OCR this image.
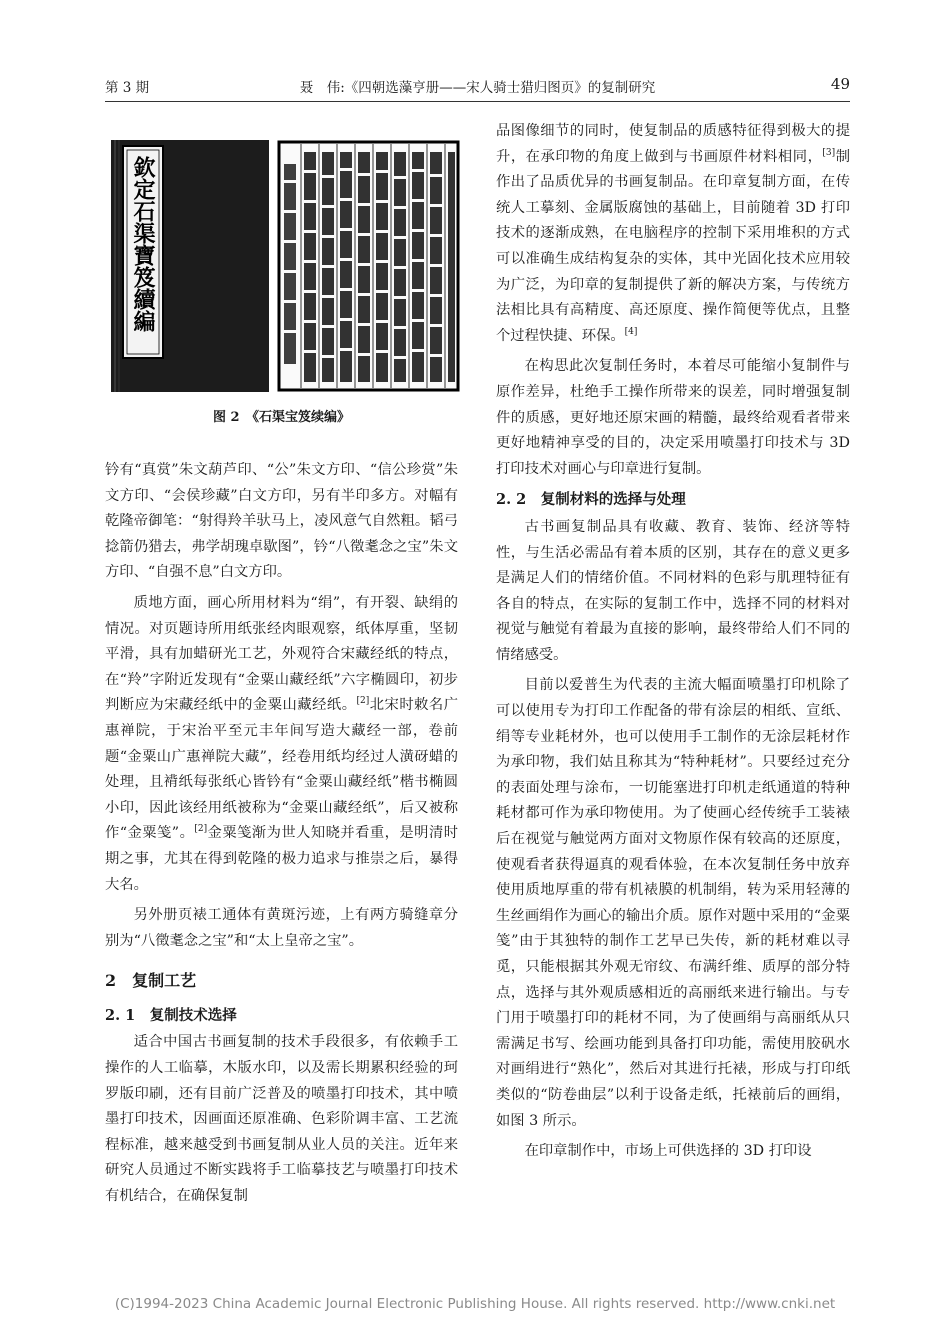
第 3 期	聂　伟:《四朝选藻亨册——宋人骑士猎归图页》的复制研究	49
欽定石渠寶笈續編
图 2　《石渠宝笈续编》

钤有“真赏”朱文葫芦印、“公”朱文方印、“信公珍赏”朱文方印、“会侯珍藏”白文方印，另有半印多方。对幅有乾隆帝御笔：“射得羚羊驮马上，凌风意气自然粗。韬弓捻箭仍猎去，弗学胡瑰卓歇图”，钤“八徵耄念之宝”朱文方印、“自强不息”白文方印。

质地方面，画心所用材料为“绢”，有开裂、缺绢的情况。对页题诗所用纸张经肉眼观察，纸体厚重，坚韧平滑，具有加蜡研光工艺，外观符合宋藏经纸的特点，在“羚”字附近发现有“金粟山藏经纸”六字椭圆印，初步判断应为宋藏经纸中的金粟山藏经纸。[2]北宋时敕名广惠禅院，于宋治平至元丰年间写造大藏经一部，卷前题“金粟山广惠禅院大藏”，经卷用纸均经过人潢砑蜡的处理，且褙纸每张纸心皆钤有“金粟山藏经纸”楷书椭圆小印，因此该经用纸被称为“金粟山藏经纸”，后又被称作“金粟笺”。[2]金粟笺渐为世人知晓并看重，是明清时期之事，尤其在得到乾隆的极力追求与推崇之后，暴得大名。

另外册页裱工通体有黄斑污迹，上有两方骑缝章分别为“八徵耄念之宝”和“太上皇帝之宝”。

2　复制工艺
2. 1　复制技术选择

适合中国古书画复制的技术手段很多，有依赖手工操作的人工临摹，木版水印，以及需长期累积经验的珂罗版印刷，还有目前广泛普及的喷墨打印技术，其中喷墨打印技术，因画面还原准确、色彩阶调丰富、工艺流程标准，越来越受到书画复制从业人员的关注。近年来研究人员通过不断实践将手工临摹技艺与喷墨打印技术有机结合，在确保复制

品图像细节的同时，使复制品的质感特征得到极大的提升，在承印物的角度上做到与书画原件材料相同，[3]制作出了品质优异的书画复制品。在印章复制方面，在传统人工摹刻、金属版腐蚀的基础上，目前随着 3D 打印技术的逐渐成熟，在电脑程序的控制下采用堆积的方式可以准确生成结构复杂的实体，其中光固化技术应用较为广泛，为印章的复制提供了新的解决方案，与传统方法相比具有高精度、高还原度、操作简便等优点，且整个过程快捷、环保。[4]

在构思此次复制任务时，本着尽可能缩小复制件与原作差异，杜绝手工操作所带来的误差，同时增强复制件的质感，更好地还原宋画的精髓，最终给观看者带来更好地精神享受的目的，决定采用喷墨打印技术与 3D 打印技术对画心与印章进行复制。

2. 2　复制材料的选择与处理

古书画复制品具有收藏、教育、装饰、经济等特性，与生活必需品有着本质的区别，其存在的意义更多是满足人们的情绪价值。不同材料的色彩与肌理特征有各自的特点，在实际的复制工作中，选择不同的材料对视觉与触觉有着最为直接的影响，最终带给人们不同的情绪感受。

目前以爱普生为代表的主流大幅面喷墨打印机除了可以使用专为打印工作配备的带有涂层的相纸、宣纸、绢等专业耗材外，也可以使用手工制作的无涂层耗材作为承印物，我们姑且称其为“特种耗材”。只要经过充分的表面处理与涂布，一切能塞进打印机走纸通道的特种耗材都可作为承印物使用。为了使画心经传统手工装裱后在视觉与触觉两方面对文物原作保有较高的还原度，使观看者获得逼真的观看体验，在本次复制任务中放弃使用质地厚重的带有机裱膜的机制绢，转为采用轻薄的生丝画绢作为画心的输出介质。原作对题中采用的“金粟笺”由于其独特的制作工艺早已失传，新的耗材难以寻觅，只能根据其外观无帘纹、布满纤维、质厚的部分特点，选择与其外观质感相近的高丽纸来进行输出。与专门用于喷墨打印的耗材不同，为了使画绢与高丽纸从只需满足书写、绘画功能到具备打印功能，需使用胶矾水对画绢进行“熟化”，然后对其进行托裱，形成与打印纸类似的“防卷曲层”以利于设备走纸，托裱前后的画绢，如图 3 所示。

在印章制作中，市场上可供选择的 3D 打印设

(C)1994-2023 China Academic Journal Electronic Publishing House. All rights reserved. http://www.cnki.net
